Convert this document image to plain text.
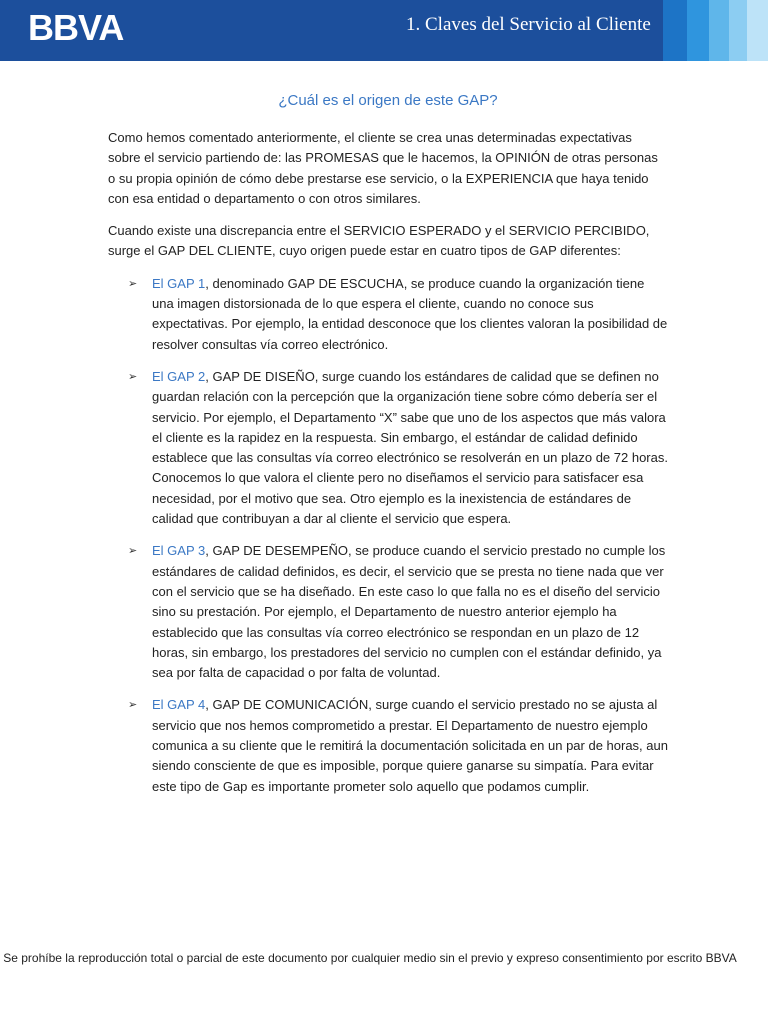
BBVA	1. Claves del Servicio al Cliente
¿Cuál es el origen de este GAP?

Como hemos comentado anteriormente, el cliente se crea unas determinadas expectativas sobre el servicio partiendo de: las PROMESAS que le hacemos, la OPINIÓN de otras personas o su propia opinión de cómo debe prestarse ese servicio, o la EXPERIENCIA que haya tenido con esa entidad o departamento o con otros similares.

Cuando existe una discrepancia entre el SERVICIO ESPERADO y el SERVICIO PERCIBIDO, surge el GAP DEL CLIENTE, cuyo origen puede estar en cuatro tipos de GAP diferentes:

➢ El GAP 1, denominado GAP DE ESCUCHA, se produce cuando la organización tiene una imagen distorsionada de lo que espera el cliente, cuando no conoce sus expectativas. Por ejemplo, la entidad desconoce que los clientes valoran la posibilidad de resolver consultas vía correo electrónico.
➢ El GAP 2, GAP DE DISEÑO, surge cuando los estándares de calidad que se definen no guardan relación con la percepción que la organización tiene sobre cómo debería ser el servicio. Por ejemplo, el Departamento “X” sabe que uno de los aspectos que más valora el cliente es la rapidez en la respuesta. Sin embargo, el estándar de calidad definido establece que las consultas vía correo electrónico se resolverán en un plazo de 72 horas. Conocemos lo que valora el cliente pero no diseñamos el servicio para satisfacer esa necesidad, por el motivo que sea. Otro ejemplo es la inexistencia de estándares de calidad que contribuyan a dar al cliente el servicio que espera.
➢ El GAP 3, GAP DE DESEMPEÑO, se produce cuando el servicio prestado no cumple los estándares de calidad definidos, es decir, el servicio que se presta no tiene nada que ver con el servicio que se ha diseñado. En este caso lo que falla no es el diseño del servicio sino su prestación. Por ejemplo, el Departamento de nuestro anterior ejemplo ha establecido que las consultas vía correo electrónico se respondan en un plazo de 12 horas, sin embargo, los prestadores del servicio no cumplen con el estándar definido, ya sea por falta de capacidad o por falta de voluntad.
➢ El GAP 4, GAP DE COMUNICACIÓN, surge cuando el servicio prestado no se ajusta al servicio que nos hemos comprometido a prestar. El Departamento de nuestro ejemplo comunica a su cliente que le remitirá la documentación solicitada en un par de horas, aun siendo consciente de que es imposible, porque quiere ganarse su simpatía. Para evitar este tipo de Gap es importante prometer solo aquello que podamos cumplir.
Se prohíbe la reproducción total o parcial de este documento por cualquier medio sin el previo y expreso consentimiento por escrito BBVA
